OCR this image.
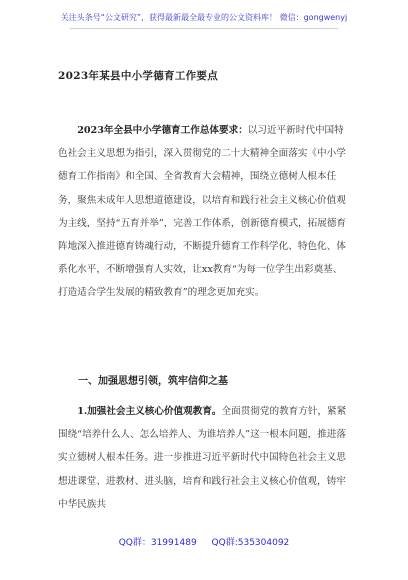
关注头条号“公文研究”，获得最新最全最专业的公文资料库！ 微信：gongwenyj
2023年某县中小学德育工作要点
2023年全县中小学德育工作总体要求：以习近平新时代中国特色社会主义思想为指引，深入贯彻党的二十大精神全面落实《中小学德育工作指南》和全国、全省教育大会精神，围绕立德树人根本任务，聚焦未成年人思想道德建设，以培育和践行社会主义核心价值观为主线，坚持“五育并举”，完善工作体系，创新德育模式，拓展德育阵地深入推进德育铸魂行动，不断提升德育工作科学化、特色化、体系化水平，不断增强育人实效，让xx教育“为每一位学生出彩奠基、打造适合学生发展的精致教育”的理念更加充实。
一、加强思想引领，筑牢信仰之基
1.加强社会主义核心价值观教育。全面贯彻党的教育方针，紧紧围绕“培养什么人、怎么培养人、为谁培养人”这一根本问题，推进落实立德树人根本任务。进一步推进习近平新时代中国特色社会主义思想进课堂、进教材、进头脑，培育和践行社会主义核心价值观，铸牢中华民族共
QQ群：31991489 QQ群:535304092
